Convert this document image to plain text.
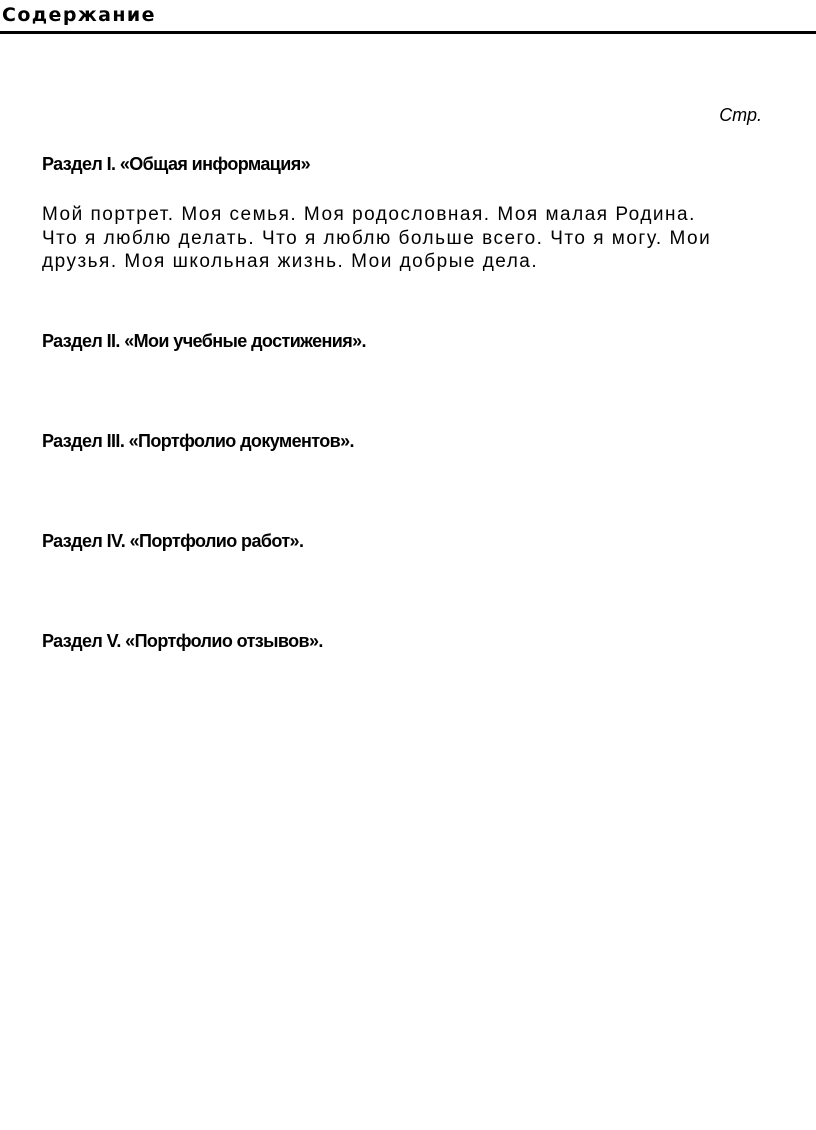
Содержание
Стр.
Раздел I. «Общая информация»

Мой портрет. Моя семья. Моя родословная. Моя малая Родина. Что я люблю делать. Что я люблю больше всего. Что я могу. Мои друзья. Моя школьная жизнь. Мои добрые дела.

Раздел II. «Мои учебные достижения».
Раздел III. «Портфолио документов».
Раздел IV. «Портфолио работ».
Раздел V. «Портфолио отзывов».
